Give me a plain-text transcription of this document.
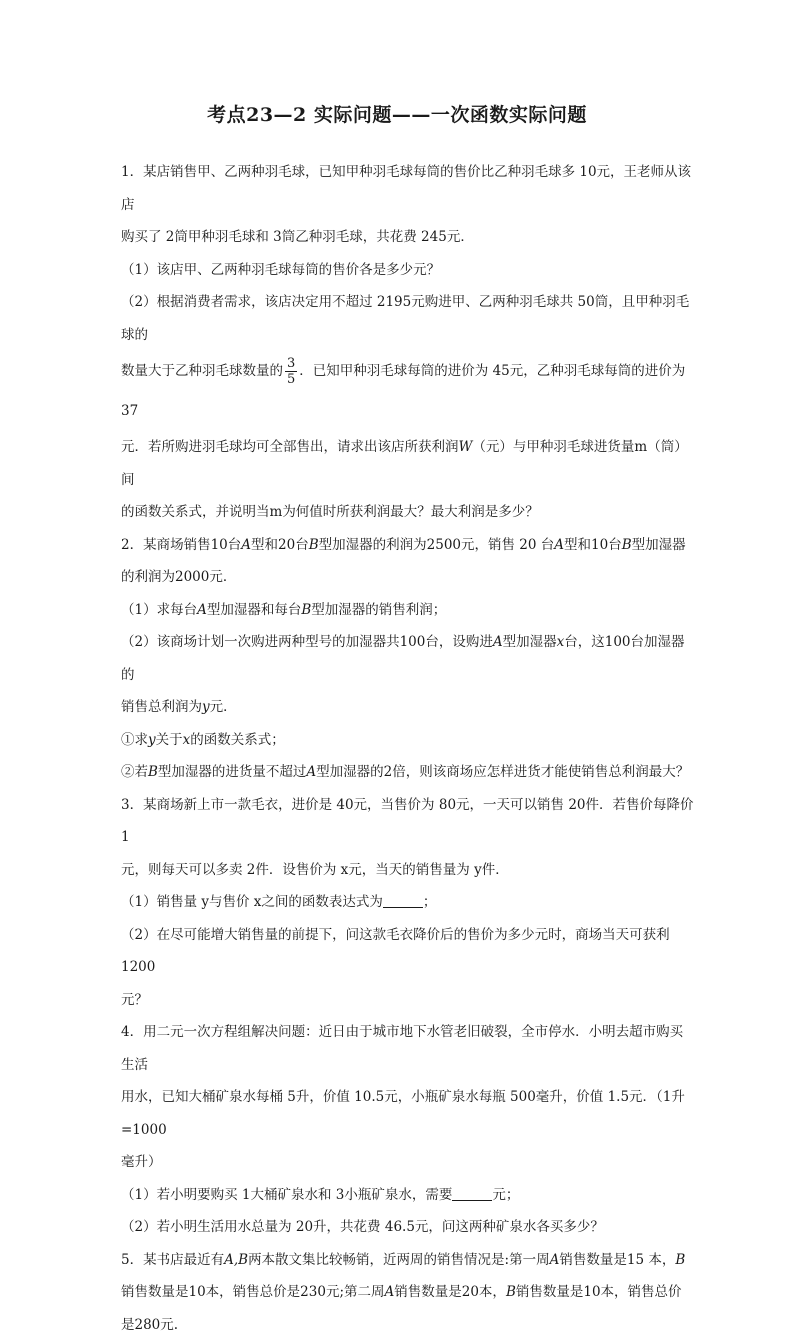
考点23—2 实际问题——一次函数实际问题

1．某店销售甲、乙两种羽毛球，已知甲种羽毛球每筒的售价比乙种羽毛球多 10元，王老师从该店

购买了 2筒甲种羽毛球和 3筒乙种羽毛球，共花费 245元．

（1）该店甲、乙两种羽毛球每筒的售价各是多少元？

（2）根据消费者需求，该店决定用不超过 2195元购进甲、乙两种羽毛球共 50筒，且甲种羽毛球的

数量大于乙种羽毛球数量的 $\frac{3}{5}$ ．已知甲种羽毛球每筒的进价为 45元，乙种羽毛球每筒的进价为 37

元．若所购进羽毛球均可全部售出，请求出该店所获利润W（元）与甲种羽毛球进货量m（筒）间

的函数关系式，并说明当m为何值时所获利润最大？最大利润是多少？

2．某商场销售10台A型和20台B型加湿器的利润为2500元，销售 20 台A型和10台B型加湿器

的利润为2000元．

（1）求每台A型加湿器和每台B型加湿器的销售利润；

（2）该商场计划一次购进两种型号的加湿器共100台，设购进A型加湿器x台，这100台加湿器的

销售总利润为y元．

①求y关于x的函数关系式；

②若B型加湿器的进货量不超过A型加湿器的2倍，则该商场应怎样进货才能使销售总利润最大？

3．某商场新上市一款毛衣，进价是 40元，当售价为 80元，一天可以销售 20件．若售价每降价 1

元，则每天可以多卖 2件．设售价为 x元，当天的销售量为 y件．

（1）销售量 y与售价 x之间的函数表达式为	；

（2）在尽可能增大销售量的前提下，问这款毛衣降价后的售价为多少元时，商场当天可获利 1200

元？

4．用二元一次方程组解决问题：近日由于城市地下水管老旧破裂，全市停水．小明去超市购买生活

用水，已知大桶矿泉水每桶 5升，价值 10.5元，小瓶矿泉水每瓶 500毫升，价值 1.5元．（1升=1000

毫升）

（1）若小明要购买 1大桶矿泉水和 3小瓶矿泉水，需要	元；

（2）若小明生活用水总量为 20升，共花费 46.5元，问这两种矿泉水各买多少？

5．某书店最近有A,B两本散文集比较畅销，近两周的销售情况是:第一周A销售数量是15 本，B

销售数量是10本，销售总价是230元;第二周A销售数量是20本，B销售数量是10本，销售总价

是280元.
